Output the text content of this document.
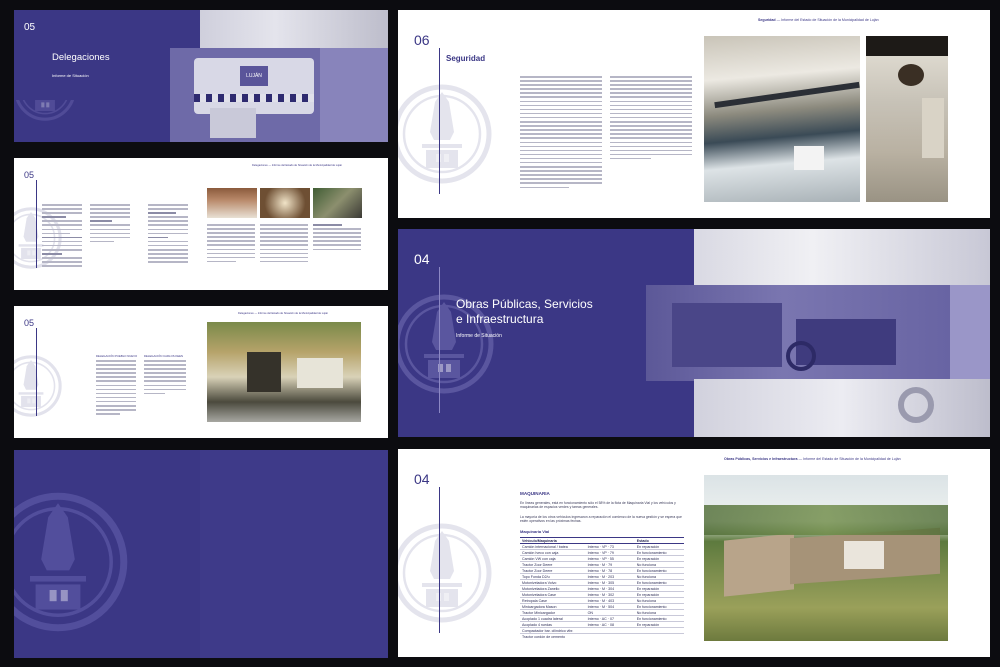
05
LUJÁN
Delegaciones
Informe de Situación
05
Delegaciones — Informe del Estado de Situación de la Municipalidad de Luján
05
Delegaciones — Informe del Estado de Situación de la Municipalidad de Luján
DELEGACIÓN PUEBLO NUEVO DELEGACIÓN CARLOS KEEN
06
Seguridad
Seguridad — Informe del Estado de Situación de la Municipalidad de Luján
04
Obras Públicas, Servicios
e Infraestructura
Informe de Situación
04
Obras Públicas, Servicios e Infraestructura — Informe del Estado de Situación de la Municipalidad de Luján
MAQUINARIA
En líneas generales, está en funcionamiento sólo el 58% de la flota de Maquinaria Vial y los vehículos y maquinarias de espacios verdes y tareas generales.
La mayoría de los otros vehículos ingresaron a reparación el comienzo de la nueva gestión y se espera que estén operativos en las próximas fechas.
Maquinaria Vial
Vehículo/Maquinaria		Estado
Camión internacional / batea	Interno · VP · 73	En reparación
Camión Iveco con caja	Interno · VP · 79	En funcionamiento
Camión VW con caja	Interno · VP · 55	En reparación
Tractor Zoor Deere	Interno · M · 79	No funciona
Tractor Zoor Deere	Interno · M · 78	En funcionamiento
Topo Fonda D2/u	Interno · M · 203	No funciona
Motoniveladora Volvo	Interno · M · 305	En funcionamiento
Motoniveladora Zanello	Interno · M · 304	En reparación
Motoniveladora Case	Interno · M · 302	En reparación
Retropala Case	Interno · M · 403	No funciona
Minicargadora Mason	Interno · M · 504	En funcionamiento
Tractor Minicargador	ON	No funciona
Acoplado 1 cuadra lateral	Interno · AC · 07	En funcionamiento
Acoplado 4 ruedas	Interno · AC · 08	En reparación
Compactador bar. cilíndrico vibr.		
Tractor cordón de cemento		
